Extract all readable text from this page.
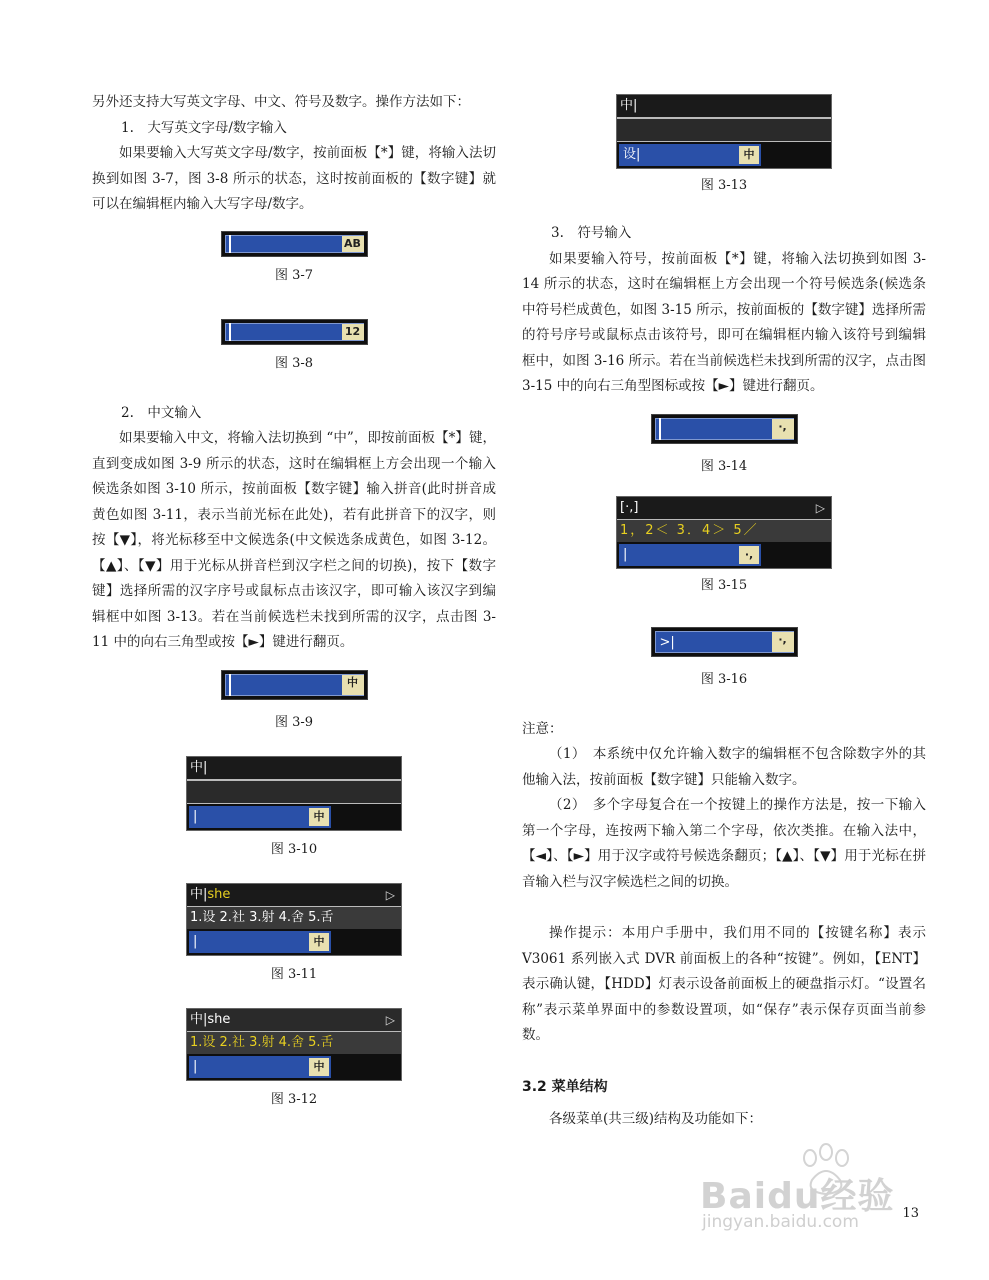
另外还支持大写英文字母、中文、符号及数字。操作方法如下：

1.　大写英文字母/数字输入

如果要输入大写英文字母/数字，按前面板【*】键，将输入法切换到如图 3-7，图 3-8 所示的状态，这时按前面板的【数字键】就可以在编辑框内输入大写字母/数字。

AB

图 3-7

12

图 3-8

2.　中文输入

如果要输入中文，将输入法切换到 “中”，即按前面板【*】键，直到变成如图 3-9 所示的状态，这时在编辑框上方会出现一个输入候选条如图 3-10 所示，按前面板【数字键】输入拼音(此时拼音成黄色如图 3-11，表示当前光标在此处)，若有此拼音下的汉字，则按【▼】，将光标移至中文候选条(中文候选条成黄色，如图 3-12。【▲】、【▼】用于光标从拼音栏到汉字栏之间的切换)，按下【数字键】选择所需的汉字序号或鼠标点击该汉字，即可输入该汉字到编辑框中如图 3-13。若在当前候选栏未找到所需的汉字，点击图 3-11 中的向右三角型或按【►】键进行翻页。

中

图 3-9

中|
|	中

图 3-10

中|she	▷
1.设 2.社 3.射 4.舍 5.舌
|	中

图 3-11

中|she	▷
1.设 2.社 3.射 4.舍 5.舌
|	中

图 3-12

中|
设|	中

图 3-13

3.　符号输入

如果要输入符号，按前面板【*】键，将输入法切换到如图 3-14 所示的状态，这时在编辑框上方会出现一个符号候选条(候选条中符号栏成黄色，如图 3-15 所示，按前面板的【数字键】选择所需的符号序号或鼠标点击该符号，即可在编辑框内输入该符号到编辑框中，如图 3-16 所示。若在当前候选栏未找到所需的汉字，点击图 3-15 中的向右三角型图标或按【►】键进行翻页。

·,

图 3-14

[·,]	▷
1，2＜ 3．4＞ 5／
|	·,

图 3-15

>|	·,

图 3-16

注意：

（1）　本系统中仅允许输入数字的编辑框不包含除数字外的其他输入法，按前面板【数字键】只能输入数字。

（2）　多个字母复合在一个按键上的操作方法是，按一下输入第一个字母，连按两下输入第二个字母，依次类推。在输入法中，【◄】、【►】用于汉字或符号候选条翻页；【▲】、【▼】用于光标在拼音输入栏与汉字候选栏之间的切换。

操作提示：本用户手册中，我们用不同的【按键名称】表示 V3061 系列嵌入式 DVR 前面板上的各种“按键”。例如，【ENT】表示确认键，【HDD】灯表示设备前面板上的硬盘指示灯。“设置名称”表示菜单界面中的参数设置项，如“保存”表示保存页面当前参数。

3.2 菜单结构

各级菜单(共三级)结构及功能如下：

Baidu经验
jingyan.baidu.com	13
